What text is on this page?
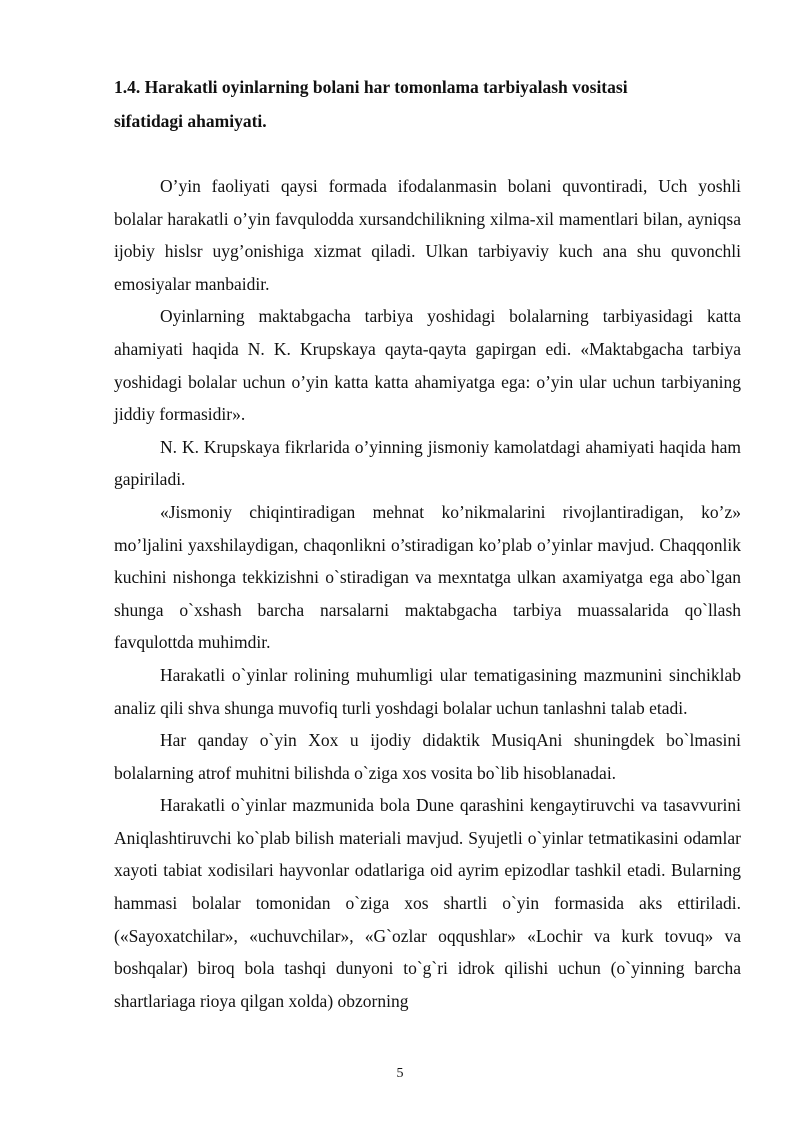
1.4. Harakatli oyinlarning bolani har tomonlama tarbiyalash vositasi
sifatidagi ahamiyati.

O’yin faoliyati qaysi formada ifodalanmasin bolani quvontiradi, Uch yoshli bolalar harakatli o’yin favqulodda xursandchilikning xilma-xil mamentlari bilan, ayniqsa ijobiy hislsr uyg’onishiga xizmat qiladi. Ulkan tarbiyaviy kuch ana shu quvonchli emosiyalar manbaidir.

Oyinlarning maktabgacha tarbiya yoshidagi bolalarning tarbiyasidagi katta ahamiyati haqida N. K. Krupskaya qayta-qayta gapirgan edi. «Maktabgacha tarbiya yoshidagi bolalar uchun o’yin katta katta ahamiyatga ega: o’yin ular uchun tarbiyaning jiddiy formasidir».

N. K. Krupskaya fikrlarida o’yinning jismoniy kamolatdagi ahamiyati haqida ham gapiriladi.

«Jismoniy chiqintiradigan mehnat ko’nikmalarini rivojlantiradigan, ko’z» mo’ljalini yaxshilaydigan, chaqonlikni o’stiradigan ko’plab o’yinlar mavjud. Chaqqonlik kuchini nishonga tekkizishni o`stiradigan va mexntatga ulkan axamiyatga ega abo`lgan shunga o`xshash barcha narsalarni maktabgacha tarbiya muassalarida qo`llash favqulottda muhimdir.

Harakatli o`yinlar rolining muhumligi ular tematigasining mazmunini sinchiklab analiz qili shva shunga muvofiq turli yoshdagi bolalar uchun tanlashni talab etadi.

Har qanday o`yin Xox u ijodiy didaktik MusiqAni shuningdek bo`lmasini bolalarning atrof muhitni bilishda o`ziga xos vosita bo`lib hisoblanadai.

Harakatli o`yinlar mazmunida bola Dune qarashini kengaytiruvchi va tasavvurini Aniqlashtiruvchi ko`plab bilish materiali mavjud. Syujetli o`yinlar tetmatikasini odamlar xayoti tabiat xodisilari hayvonlar odatlariga oid ayrim epizodlar tashkil etadi. Bularning hammasi bolalar tomonidan o`ziga xos shartli o`yin formasida aks ettiriladi. («Sayoxatchilar», «uchuvchilar», «G`ozlar oqqushlar» «Lochir va kurk tovuq» va boshqalar) biroq bola tashqi dunyoni to`g`ri idrok qilishi uchun (o`yinning barcha shartlariaga rioya qilgan xolda) obzorning

5
